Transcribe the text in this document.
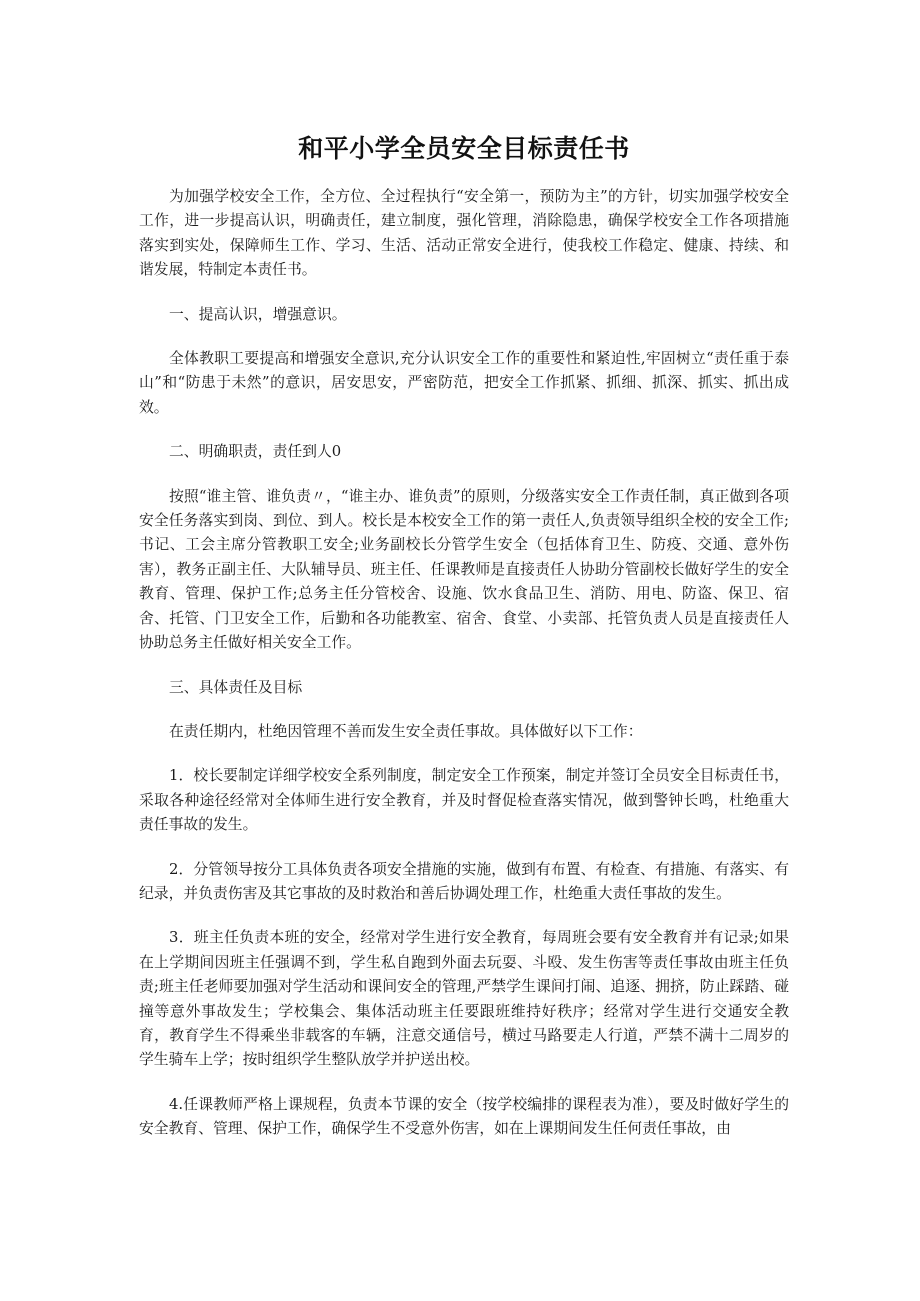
和平小学全员安全目标责任书

为加强学校安全工作，全方位、全过程执行“安全第一，预防为主”的方针，切实加强学校安全工作，进一步提高认识，明确责任，建立制度，强化管理，消除隐患，确保学校安全工作各项措施落实到实处，保障师生工作、学习、生活、活动正常安全进行，使我校工作稳定、健康、持续、和谐发展，特制定本责任书。

一、提高认识，增强意识。

全体教职工要提高和增强安全意识,充分认识安全工作的重要性和紧迫性,牢固树立“责任重于泰山”和“防患于未然”的意识，居安思安，严密防范，把安全工作抓紧、抓细、抓深、抓实、抓出成效。

二、明确职责，责任到人0

按照“谁主管、谁负责〃，“谁主办、谁负责”的原则，分级落实安全工作责任制，真正做到各项安全任务落实到岗、到位、到人。校长是本校安全工作的第一责任人,负责领导组织全校的安全工作;书记、工会主席分管教职工安全;业务副校长分管学生安全（包括体育卫生、防疫、交通、意外伤害），教务正副主任、大队辅导员、班主任、任课教师是直接责任人协助分管副校长做好学生的安全教育、管理、保护工作;总务主任分管校舍、设施、饮水食品卫生、消防、用电、防盗、保卫、宿舍、托管、门卫安全工作，后勤和各功能教室、宿舍、食堂、小卖部、托管负责人员是直接责任人协助总务主任做好相关安全工作。

三、具体责任及目标

在责任期内，杜绝因管理不善而发生安全责任事故。具体做好以下工作：

1．校长要制定详细学校安全系列制度，制定安全工作预案，制定并签订全员安全目标责任书，采取各种途径经常对全体师生进行安全教育，并及时督促检查落实情况，做到警钟长鸣，杜绝重大责任事故的发生。

2．分管领导按分工具体负责各项安全措施的实施，做到有布置、有检查、有措施、有落实、有纪录，并负责伤害及其它事故的及时救治和善后协调处理工作，杜绝重大责任事故的发生。

3．班主任负责本班的安全，经常对学生进行安全教育，每周班会要有安全教育并有记录;如果在上学期间因班主任强调不到，学生私自跑到外面去玩耍、斗殴、发生伤害等责任事故由班主任负责;班主任老师要加强对学生活动和课间安全的管理,严禁学生课间打闹、追逐、拥挤，防止踩踏、碰撞等意外事故发生；学校集会、集体活动班主任要跟班维持好秩序；经常对学生进行交通安全教育，教育学生不得乘坐非载客的车辆，注意交通信号，横过马路要走人行道，严禁不满十二周岁的学生骑车上学；按时组织学生整队放学并护送出校。

4.任课教师严格上课规程，负责本节课的安全（按学校编排的课程表为准），要及时做好学生的安全教育、管理、保护工作，确保学生不受意外伤害，如在上课期间发生任何责任事故，由
